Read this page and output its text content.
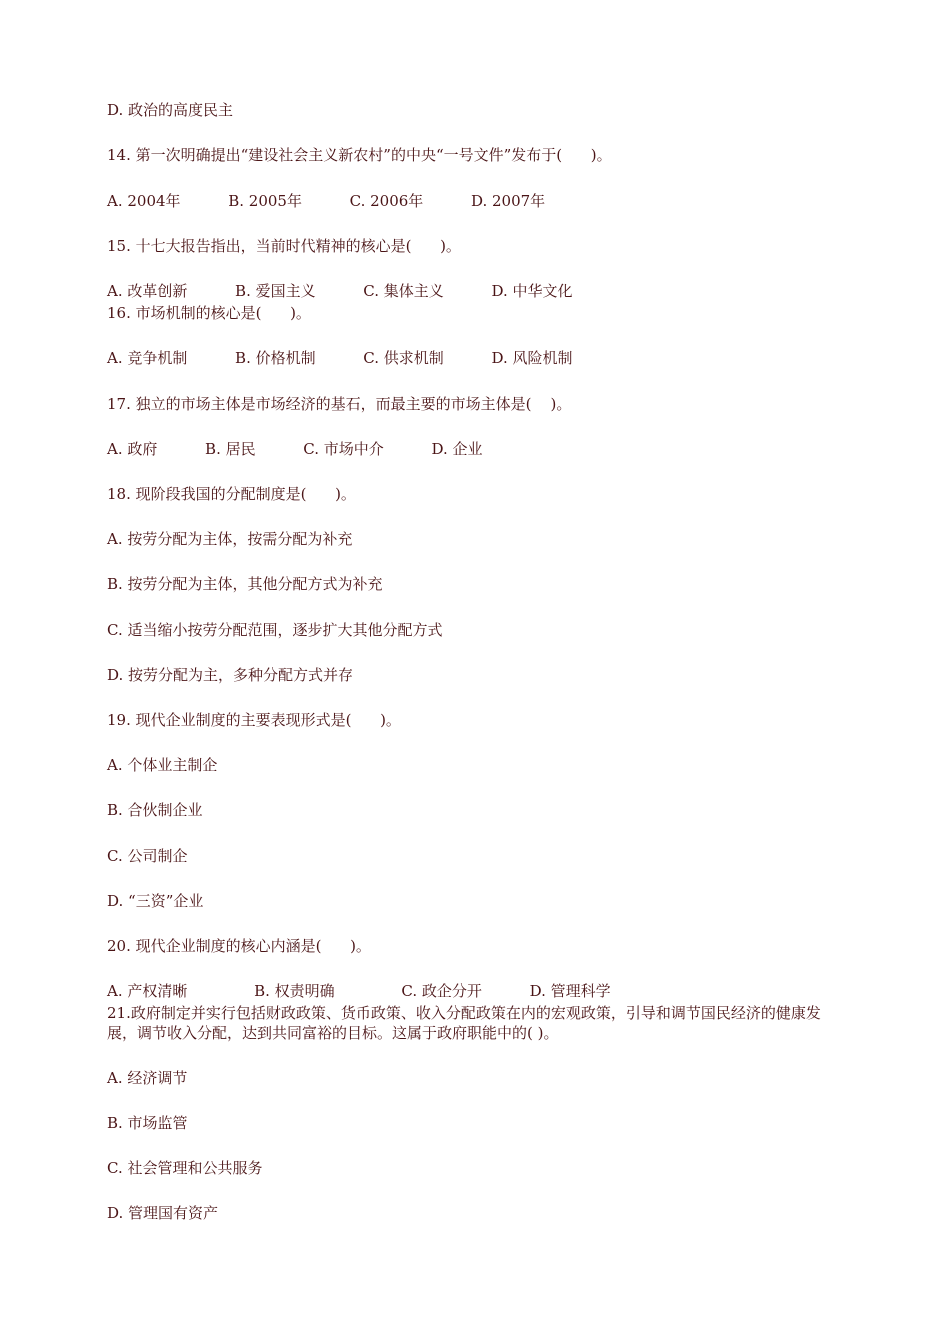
D. 政治的高度民主
14. 第一次明确提出“建设社会主义新农村”的中央“一号文件”发布于(      )。
A. 2004年          B. 2005年          C. 2006年          D. 2007年
15. 十七大报告指出，当前时代精神的核心是(      )。
A. 改革创新          B. 爱国主义          C. 集体主义          D. 中华文化
16. 市场机制的核心是(      )。
A. 竞争机制          B. 价格机制          C. 供求机制          D. 风险机制
17. 独立的市场主体是市场经济的基石，而最主要的市场主体是(    )。
A. 政府          B. 居民          C. 市场中介          D. 企业
18. 现阶段我国的分配制度是(      )。
A. 按劳分配为主体，按需分配为补充
B. 按劳分配为主体，其他分配方式为补充
C. 适当缩小按劳分配范围，逐步扩大其他分配方式
D. 按劳分配为主，多种分配方式并存
19. 现代企业制度的主要表现形式是(      )。
A. 个体业主制企
B. 合伙制企业
C. 公司制企
D. “三资”企业
20. 现代企业制度的核心内涵是(      )。
A. 产权清晰              B. 权责明确              C. 政企分开          D. 管理科学
21.政府制定并实行包括财政政策、货币政策、收入分配政策在内的宏观政策，引导和调节国民经济的健康发展，调节收入分配，达到共同富裕的目标。这属于政府职能中的( )。
A. 经济调节
B. 市场监管
C. 社会管理和公共服务
D. 管理国有资产
